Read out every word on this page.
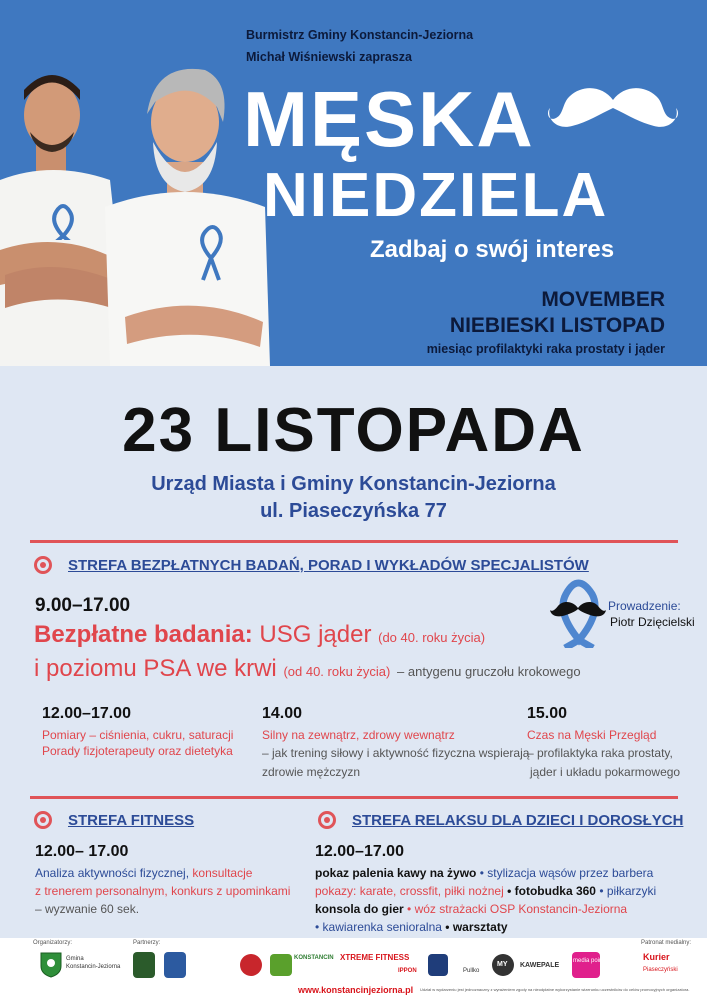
Burmistrz Gminy Konstancin-Jeziorna
Michał Wiśniewski zaprasza
MĘSKA
NIEDZIELA
Zadbaj o swój interes
MOVEMBER
NIEBIESKI LISTOPAD
miesiąc profilaktyki raka prostaty i jąder
23 LISTOPADA
Urząd Miasta i Gminy Konstancin-Jeziorna
ul. Piaseczyńska 77
STREFA BEZPŁATNYCH BADAŃ, PORAD I WYKŁADÓW SPECJALISTÓW
9.00–17.00
Bezpłatne badania: USG jąder (do 40. roku życia)
i poziomu PSA we krwi (od 40. roku życia) – antygenu gruczołu krokowego
Prowadzenie:
Piotr Dzięcielski
12.00–17.00
Pomiary – ciśnienia, cukru, saturacji
Porady fizjoterapeuty oraz dietetyka
14.00
Silny na zewnątrz, zdrowy wewnątrz
– jak trening siłowy i aktywność fizyczna wspierają
zdrowie mężczyzn
15.00
Czas na Męski Przegląd
– profilaktyka raka prostaty,
jąder i układu pokarmowego
STREFA FITNESS
12.00– 17.00
Analiza aktywności fizycznej, konsultacje
z trenerem personalnym, konkurs z upominkami
– wyzwanie 60 sek.
STREFA RELAKSU DLA DZIECI I DOROSŁYCH
12.00–17.00
pokaz palenia kawy na żywo • stylizacja wąsów przez barbera
pokazy: karate, crossfit, piłki nożnej • fotobudka 360 • piłkarzyki
konsola do gier • wóz strażacki OSP Konstancin-Jeziorna
• kawiarenka senioralna • warsztaty
Organizatorzy:
Gmina
Konstancin-Jeziorna
Partnerzy:
KONSTANCIN XTREME FITNESS
IPPON	Pullko
MY KAWEPALE
media point
Patronat medialny:
Kurier
Piaseczyński
www.konstancinjeziorna.pl Udział w wydarzeniu jest jednoznaczny z wyrażeniem zgody na nieodpłatne wykorzystanie wizerunku uczestników do celów promocyjnych organizatora.
